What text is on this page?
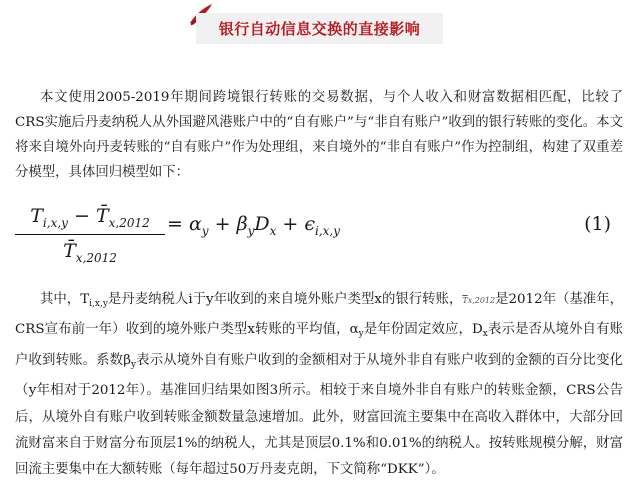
银行自动信息交换的直接影响

本文使用2005-2019年期间跨境银行转账的交易数据，与个人收入和财富数据相匹配，比较了CRS实施后丹麦纳税人从外国避风港账户中的“自有账户”与“非自有账户”收到的银行转账的变化。本文将来自境外向丹麦转账的“自有账户”作为处理组，来自境外的“非自有账户”作为控制组，构建了双重差分模型，具体回归模型如下：

$T_{i,x,y}$ − $T̄_{x,2012}$
$T̄_{x,2012}$
= $\alpha_y + \beta_yD_x + \epsilon_{i,x,y}$	(1)

其中，$T_{i,x,y}$是丹麦纳税人i于y年收到的来自境外账户类型x的银行转账，$\overline{T}x,2012$是2012年（基准年，CRS宣布前一年）收到的境外账户类型x转账的平均值，$\alpha_y$是年份固定效应，$D_x$表示是否从境外自有账户收到转账。系数$\beta_y$表示从境外自有账户收到的金额相对于从境外非自有账户收到的金额的百分比变化（y年相对于2012年）。基准回归结果如图3所示。相较于来自境外非自有账户的转账金额，CRS公告后，从境外自有账户收到转账金额数量急速增加。此外，财富回流主要集中在高收入群体中，大部分回流财富来自于财富分布顶层1%的纳税人，尤其是顶层0.1%和0.01%的纳税人。按转账规模分解，财富回流主要集中在大额转账（每年超过50万丹麦克朗，下文简称“DKK”）。
